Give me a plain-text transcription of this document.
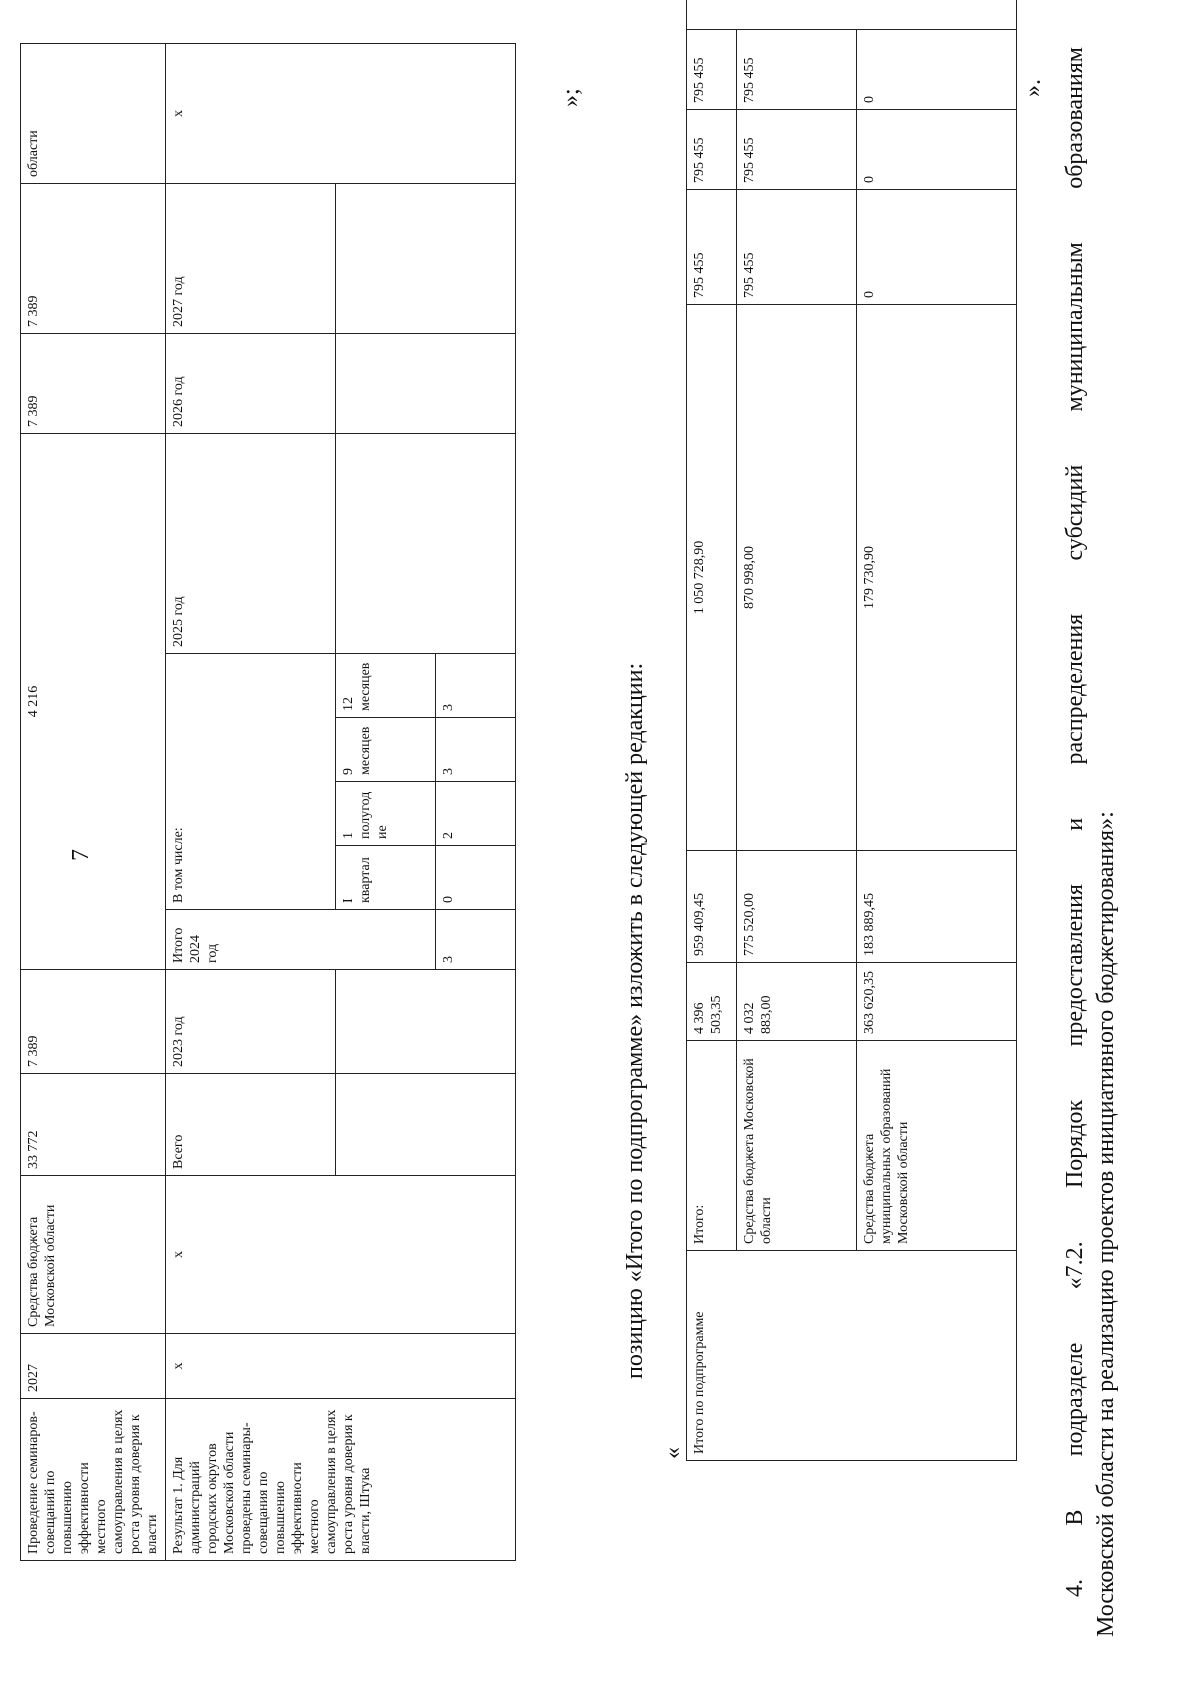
7
Проведение семинаров-совещаний по повышению эффективности местного самоуправления в целях роста уровня доверия к власти	2027	Средства бюджета Московской области	33 772	7 389	4 216						7 389	7 389	области
Результат 1. Для администраций городских округов Московской области проведены семинары-совещания по повышению эффективности местного самоуправления в целях роста уровня доверия к власти, Штука	x	x	Всего	2023 год	Итого 2024 год	В том числе:				2025 год	2026 год	2027 год	x
						I квартал	1 полугодие	9 месяцев	12 месяцев				
					3	0	2	3	3				
»;
позицию «Итого по подпрограмме» изложить в следующей редакции:
« Итого по подпрограмме	Итого:	4 396 503,35	959 409,45	1 050 728,90	795 455	795 455	795 455	
	Средства бюджета Московской области	4 032 883,00	775 520,00	870 998,00	795 455	795 455	795 455	
	Средства бюджета муниципальных образований Московской области	363 620,35	183 889,45	179 730,90	0	0	0	
». 4. В подразделе «7.2. Порядок предоставления и распределения субсидий муниципальным образованиям Московской области на реализацию проектов инициативного бюджетирования»:
